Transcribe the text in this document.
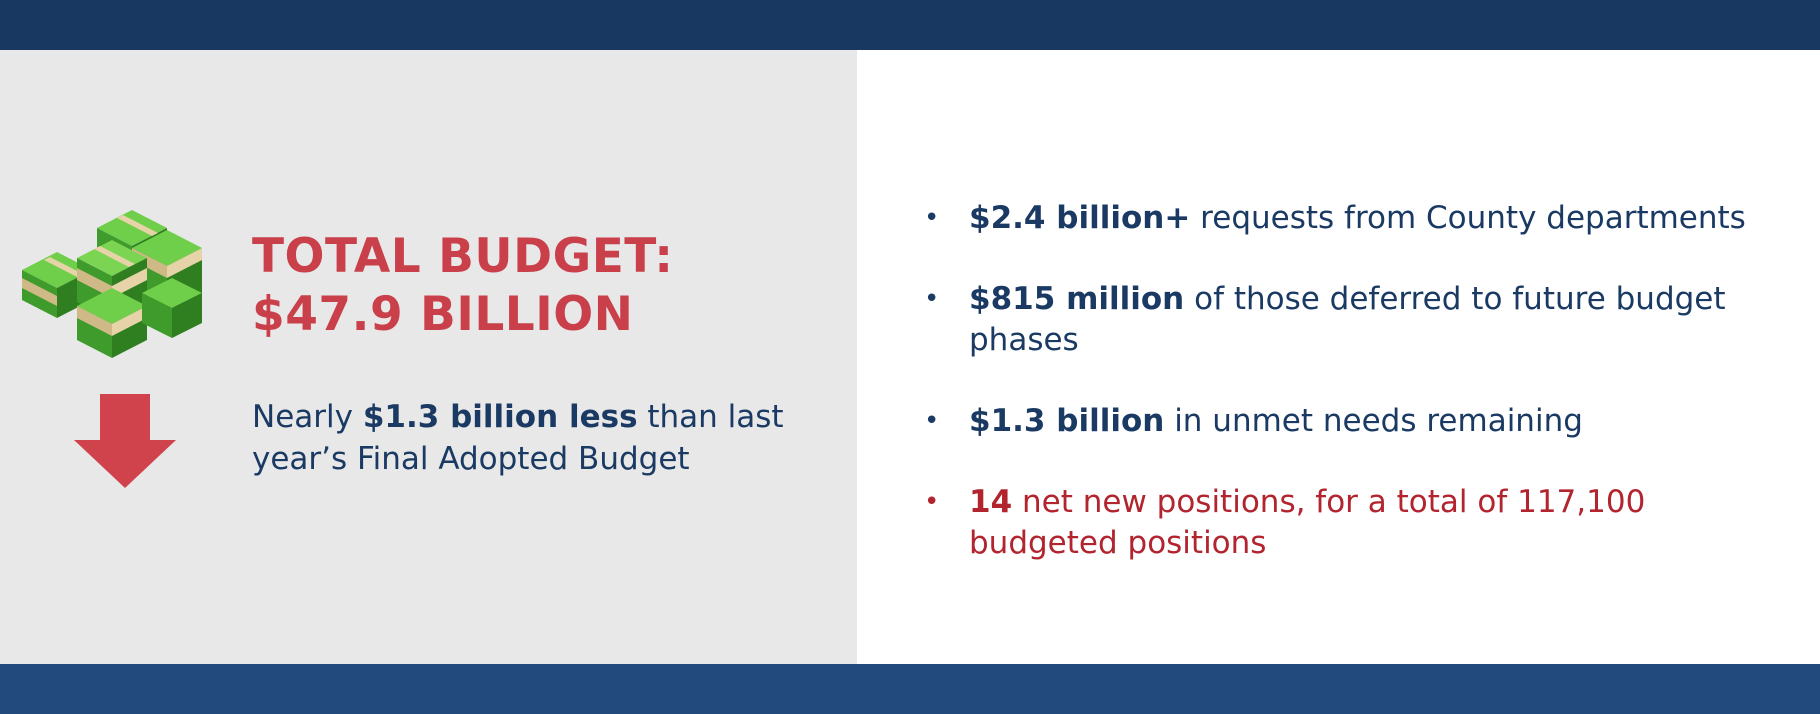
TOTAL BUDGET:
$47.9 BILLION

Nearly $1.3 billion less than last
year’s Final Adopted Budget

• $2.4 billion+ requests from County departments
• $815 million of those deferred to future budget
phases
• $1.3 billion in unmet needs remaining
• 14 net new positions, for a total of 117,100
budgeted positions
